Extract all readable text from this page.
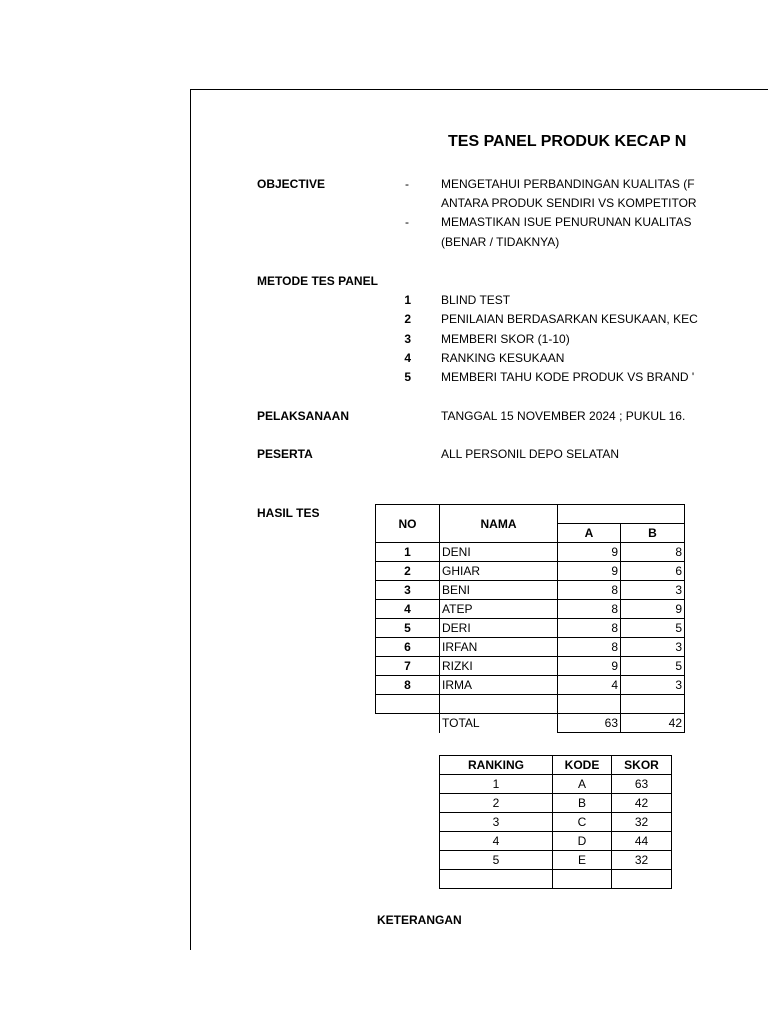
TES PANEL PRODUK KECAP N
OBJECTIVE	-	MENGETAHUI PERBANDINGAN KUALITAS (F
ANTARA PRODUK SENDIRI VS KOMPETITOR
-	MEMASTIKAN ISUE PENURUNAN KUALITAS
(BENAR / TIDAKNYA)
METODE TES PANEL
1	BLIND TEST
2	PENILAIAN BERDASARKAN KESUKAAN, KEC
3	MEMBERI SKOR (1-10)
4	RANKING KESUKAAN
5	MEMBERI TAHU KODE PRODUK VS BRAND '
PELAKSANAAN	TANGGAL 15 NOVEMBER 2024 ; PUKUL 16.
PESERTA	ALL PERSONIL DEPO SELATAN
HASIL TES
NO	NAMA		
		A	B
1	DENI	9	8
2	GHIAR	9	6
3	BENI	8	3
4	ATEP	8	9
5	DERI	8	5
6	IRFAN	8	3
7	RIZKI	9	5
8	IRMA	4	3

	TOTAL	63	42
RANKING	KODE	SKOR
1	A	63
2	B	42
3	C	32
4	D	44
5	E	32

KETERANGAN
